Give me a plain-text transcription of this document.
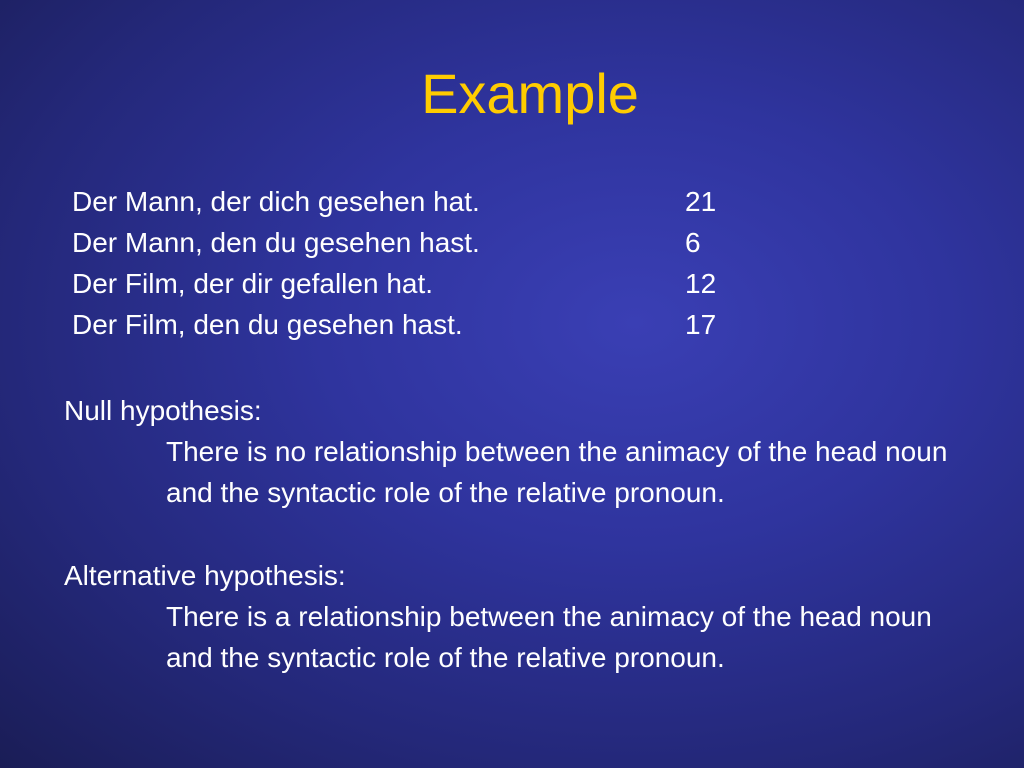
Example
Der Mann, der dich gesehen hat.	21
Der Mann, den du gesehen hast.	6
Der Film, der dir gefallen hat.	12
Der Film, den du gesehen hast.	17
Null hypothesis:
There is no relationship between the animacy of the head noun and the syntactic role of the relative pronoun.
Alternative hypothesis:
There is a relationship between the animacy of the head noun and the syntactic role of the relative pronoun.
